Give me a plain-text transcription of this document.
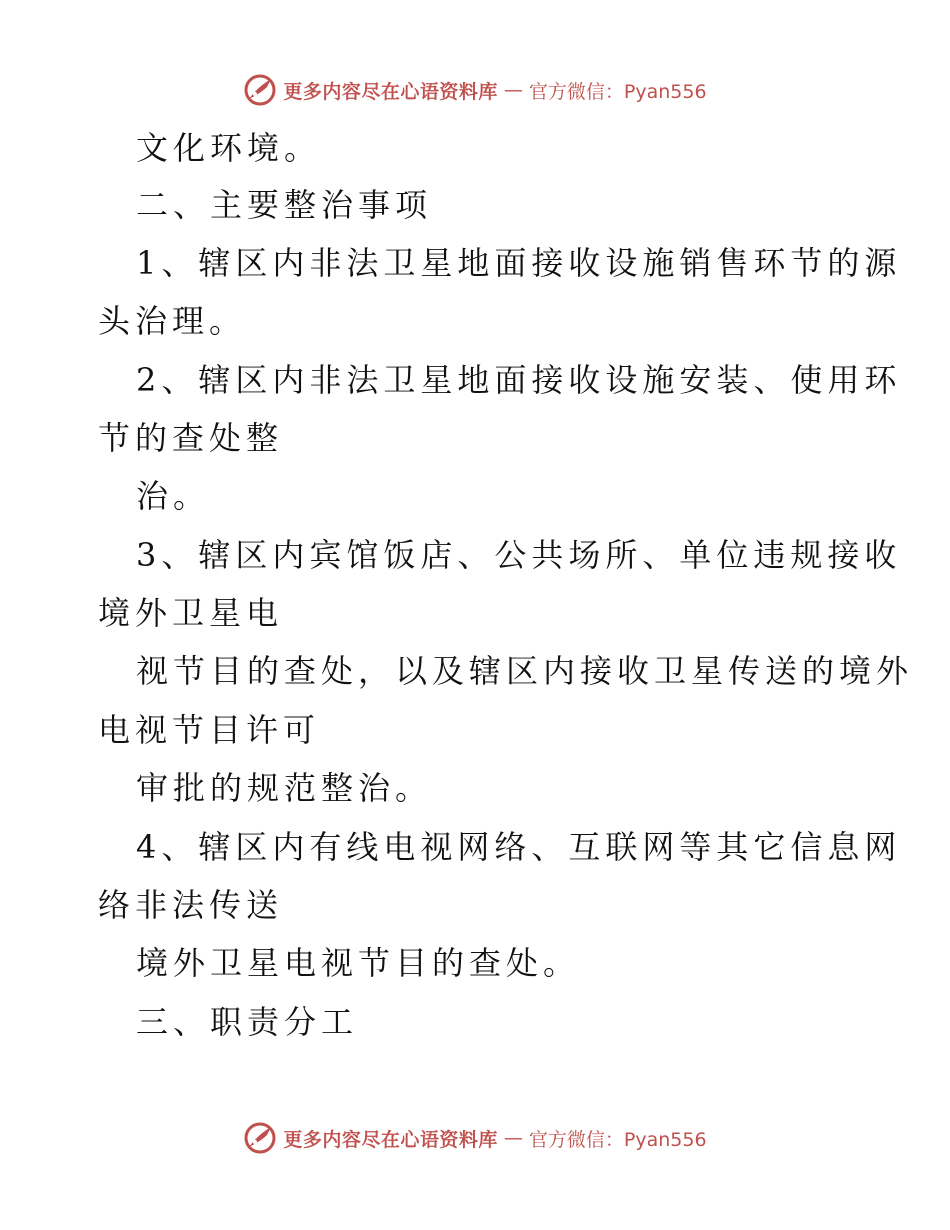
更多内容尽在心语资料库 — 官方微信：Pyan556
文化环境。
二、主要整治事项
1、辖区内非法卫星地面接收设施销售环节的源
头治理。
2、辖区内非法卫星地面接收设施安装、使用环
节的查处整
治。
3、辖区内宾馆饭店、公共场所、单位违规接收
境外卫星电
视节目的查处，以及辖区内接收卫星传送的境外
电视节目许可
审批的规范整治。
4、辖区内有线电视网络、互联网等其它信息网
络非法传送
境外卫星电视节目的查处。
三、职责分工
更多内容尽在心语资料库 — 官方微信：Pyan556
